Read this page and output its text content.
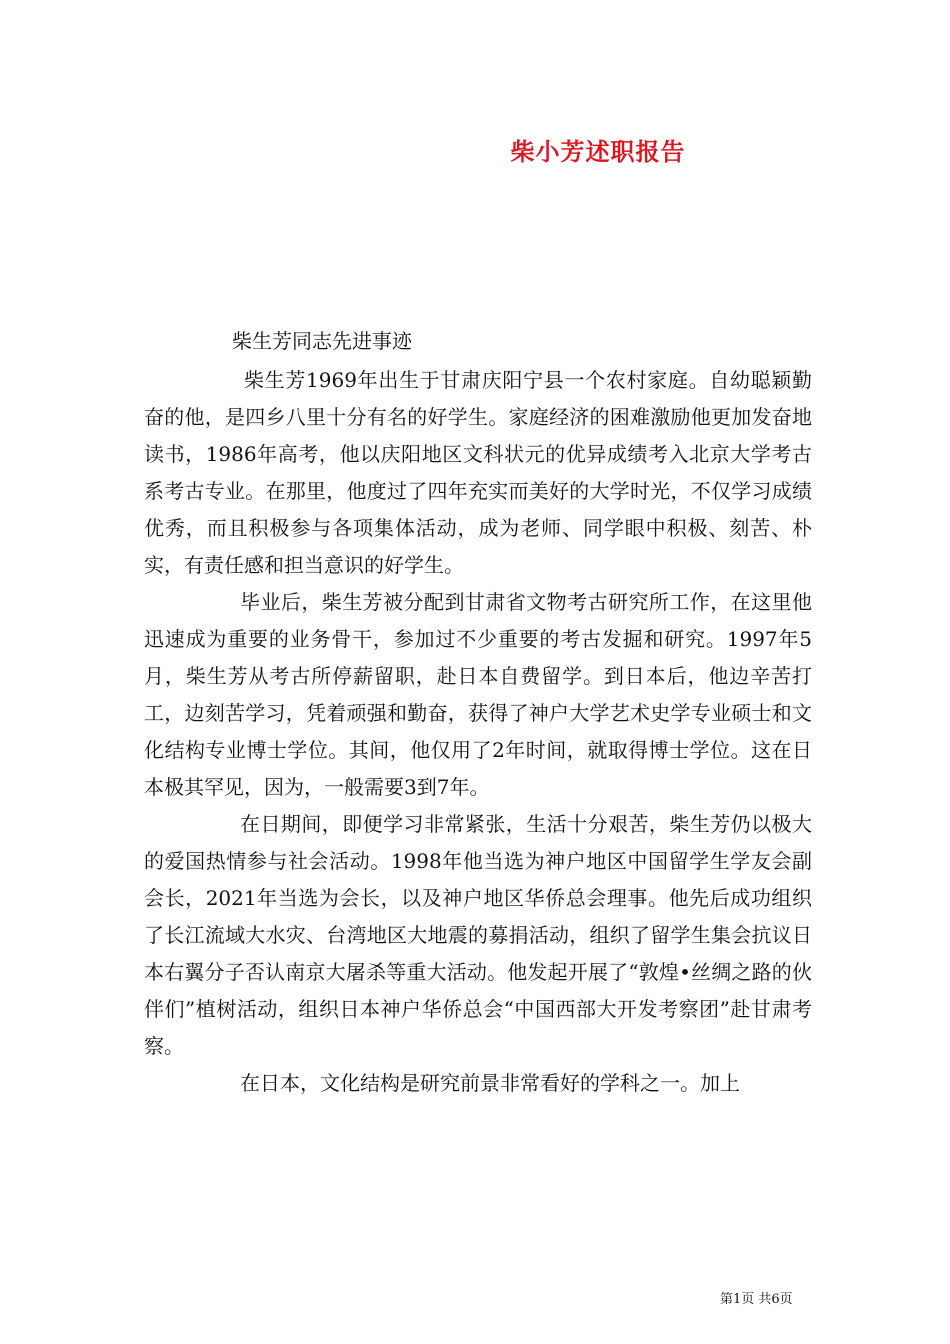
柴小芳述职报告

柴生芳同志先进事迹

柴生芳1969年出生于甘肃庆阳宁县一个农村家庭。自幼聪颖勤奋的他，是四乡八里十分有名的好学生。家庭经济的困难激励他更加发奋地读书，1986年高考，他以庆阳地区文科状元的优异成绩考入北京大学考古系考古专业。在那里，他度过了四年充实而美好的大学时光，不仅学习成绩优秀，而且积极参与各项集体活动，成为老师、同学眼中积极、刻苦、朴实，有责任感和担当意识的好学生。

毕业后，柴生芳被分配到甘肃省文物考古研究所工作，在这里他迅速成为重要的业务骨干，参加过不少重要的考古发掘和研究。1997年5月，柴生芳从考古所停薪留职，赴日本自费留学。到日本后，他边辛苦打工，边刻苦学习，凭着顽强和勤奋，获得了神户大学艺术史学专业硕士和文化结构专业博士学位。其间，他仅用了2年时间，就取得博士学位。这在日本极其罕见，因为，一般需要3到7年。

在日期间，即便学习非常紧张，生活十分艰苦，柴生芳仍以极大的爱国热情参与社会活动。1998年他当选为神户地区中国留学生学友会副会长，2021年当选为会长，以及神户地区华侨总会理事。他先后成功组织了长江流域大水灾、台湾地区大地震的募捐活动，组织了留学生集会抗议日本右翼分子否认南京大屠杀等重大活动。他发起开展了“敦煌•丝绸之路的伙伴们”植树活动，组织日本神户华侨总会“中国西部大开发考察团”赴甘肃考察。

在日本，文化结构是研究前景非常看好的学科之一。加上

第1页 共6页
